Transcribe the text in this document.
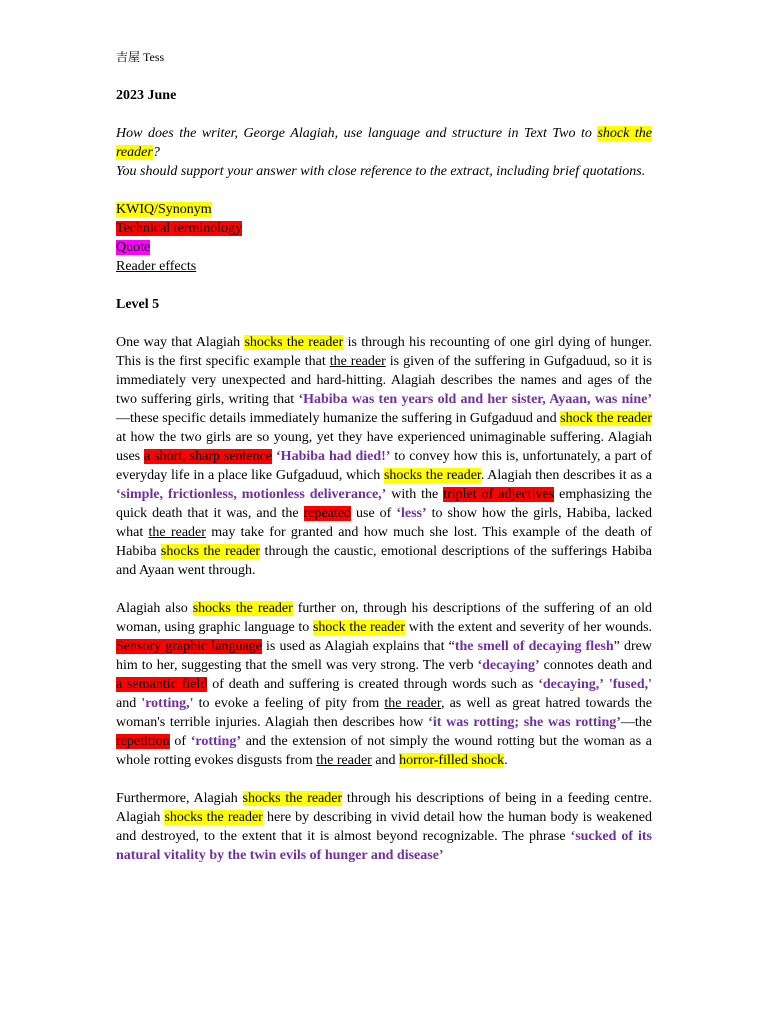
吉屋 Tess
2023 June
How does the writer, George Alagiah, use language and structure in Text Two to shock the reader?
You should support your answer with close reference to the extract, including brief quotations.
KWIQ/Synonym
Technical terminology
Quote
Reader effects
Level 5
One way that Alagiah shocks the reader is through his recounting of one girl dying of hunger. This is the first specific example that the reader is given of the suffering in Gufgaduud, so it is immediately very unexpected and hard-hitting. Alagiah describes the names and ages of the two suffering girls, writing that ‘Habiba was ten years old and her sister, Ayaan, was nine’ —these specific details immediately humanize the suffering in Gufgaduud and shock the reader at how the two girls are so young, yet they have experienced unimaginable suffering. Alagiah uses a short, sharp sentence ‘Habiba had died!’ to convey how this is, unfortunately, a part of everyday life in a place like Gufgaduud, which shocks the reader. Alagiah then describes it as a ‘simple, frictionless, motionless deliverance,’ with the triplet of adjectives emphasizing the quick death that it was, and the repeated use of ‘less’ to show how the girls, Habiba, lacked what the reader may take for granted and how much she lost. This example of the death of Habiba shocks the reader through the caustic, emotional descriptions of the sufferings Habiba and Ayaan went through.
Alagiah also shocks the reader further on, through his descriptions of the suffering of an old woman, using graphic language to shock the reader with the extent and severity of her wounds. Sensory graphic language is used as Alagiah explains that “the smell of decaying flesh” drew him to her, suggesting that the smell was very strong. The verb ‘decaying’ connotes death and a semantic field of death and suffering is created through words such as ‘decaying,’ 'fused,' and 'rotting,' to evoke a feeling of pity from the reader, as well as great hatred towards the woman's terrible injuries. Alagiah then describes how ‘it was rotting; she was rotting’—the repetition of ‘rotting’ and the extension of not simply the wound rotting but the woman as a whole rotting evokes disgusts from the reader and horror-filled shock.
Furthermore, Alagiah shocks the reader through his descriptions of being in a feeding centre. Alagiah shocks the reader here by describing in vivid detail how the human body is weakened and destroyed, to the extent that it is almost beyond recognizable. The phrase ‘sucked of its natural vitality by the twin evils of hunger and disease’
